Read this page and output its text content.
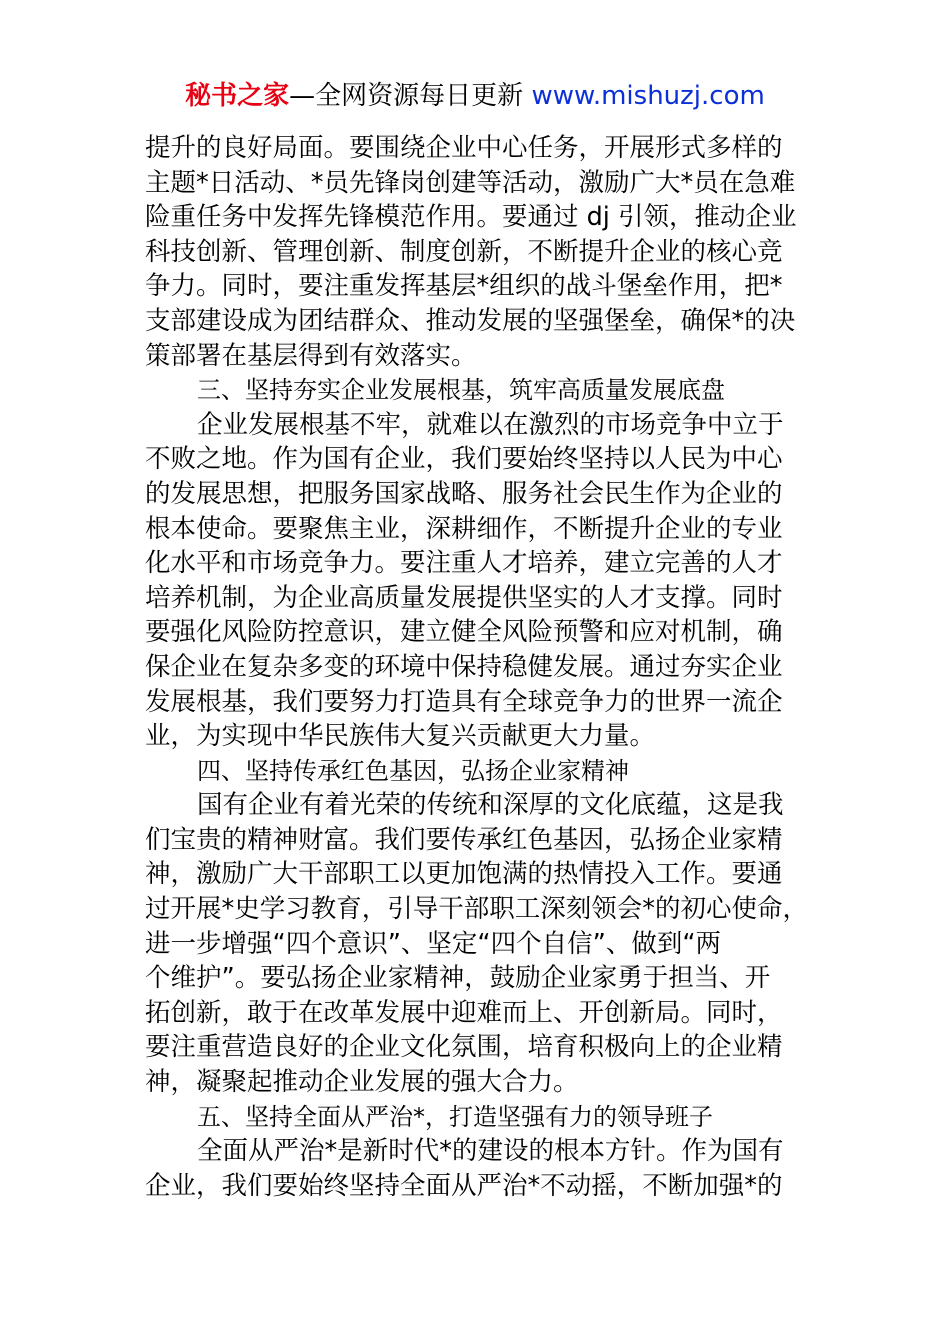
秘书之家—全网资源每日更新 www.mishuzj.com
提升的良好局面。要围绕企业中心任务，开展形式多样的
主题*日活动、*员先锋岗创建等活动，激励广大*员在急难
险重任务中发挥先锋模范作用。要通过 dj 引领，推动企业
科技创新、管理创新、制度创新，不断提升企业的核心竞
争力。同时，要注重发挥基层*组织的战斗堡垒作用，把*
支部建设成为团结群众、推动发展的坚强堡垒，确保*的决
策部署在基层得到有效落实。
三、坚持夯实企业发展根基，筑牢高质量发展底盘
企业发展根基不牢，就难以在激烈的市场竞争中立于
不败之地。作为国有企业，我们要始终坚持以人民为中心
的发展思想，把服务国家战略、服务社会民生作为企业的
根本使命。要聚焦主业，深耕细作，不断提升企业的专业
化水平和市场竞争力。要注重人才培养，建立完善的人才
培养机制，为企业高质量发展提供坚实的人才支撑。同时
要强化风险防控意识，建立健全风险预警和应对机制，确
保企业在复杂多变的环境中保持稳健发展。通过夯实企业
发展根基，我们要努力打造具有全球竞争力的世界一流企
业，为实现中华民族伟大复兴贡献更大力量。
四、坚持传承红色基因，弘扬企业家精神
国有企业有着光荣的传统和深厚的文化底蕴，这是我
们宝贵的精神财富。我们要传承红色基因，弘扬企业家精
神，激励广大干部职工以更加饱满的热情投入工作。要通
过开展*史学习教育，引导干部职工深刻领会*的初心使命，
进一步增强“四个意识”、坚定“四个自信”、做到“两
个维护”。要弘扬企业家精神，鼓励企业家勇于担当、开
拓创新，敢于在改革发展中迎难而上、开创新局。同时，
要注重营造良好的企业文化氛围，培育积极向上的企业精
神，凝聚起推动企业发展的强大合力。
五、坚持全面从严治*，打造坚强有力的领导班子
全面从严治*是新时代*的建设的根本方针。作为国有
企业，我们要始终坚持全面从严治*不动摇，不断加强*的
